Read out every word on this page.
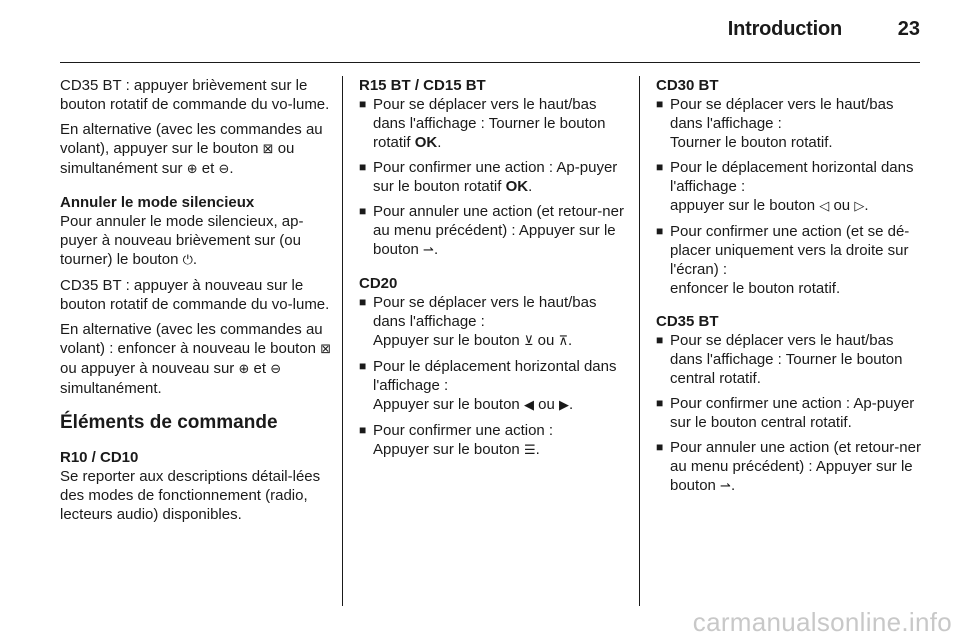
Introduction	23

CD35 BT : appuyer brièvement sur le bouton rotatif de commande du vo-lume.

En alternative (avec les commandes au volant), appuyer sur le bouton ⊠ ou simultanément sur ⊕ et ⊖.

Annuler le mode silencieux

Pour annuler le mode silencieux, ap-puyer à nouveau brièvement sur (ou tourner) le bouton ⏻.

CD35 BT : appuyer à nouveau sur le bouton rotatif de commande du vo-lume.

En alternative (avec les commandes au volant) : enfoncer à nouveau le bouton ⊠ ou appuyer à nouveau sur ⊕ et ⊖ simultanément.

Éléments de commande

R10 / CD10

Se reporter aux descriptions détail-lées des modes de fonctionnement (radio, lecteurs audio) disponibles.

R15 BT / CD15 BT

■ Pour se déplacer vers le haut/bas dans l'affichage : Tourner le bouton rotatif OK.
■ Pour confirmer une action : Ap-puyer sur le bouton rotatif OK.
■ Pour annuler une action (et retour-ner au menu précédent) : Appuyer sur le bouton ⇀.

CD20

■ Pour se déplacer vers le haut/bas dans l'affichage :
Appuyer sur le bouton ⊻ ou ⊼.
■ Pour le déplacement horizontal dans l'affichage :
Appuyer sur le bouton ◀ ou ▶.
■ Pour confirmer une action :
Appuyer sur le bouton ☰.

CD30 BT

■ Pour se déplacer vers le haut/bas dans l'affichage :
Tourner le bouton rotatif.
■ Pour le déplacement horizontal dans l'affichage :
appuyer sur le bouton ◁ ou ▷.
■ Pour confirmer une action (et se dé-placer uniquement vers la droite sur l'écran) :
enfoncer le bouton rotatif.

CD35 BT

■ Pour se déplacer vers le haut/bas dans l'affichage : Tourner le bouton central rotatif.
■ Pour confirmer une action : Ap-puyer sur le bouton central rotatif.
■ Pour annuler une action (et retour-ner au menu précédent) : Appuyer sur le bouton ⇀.
carmanualsonline.info
